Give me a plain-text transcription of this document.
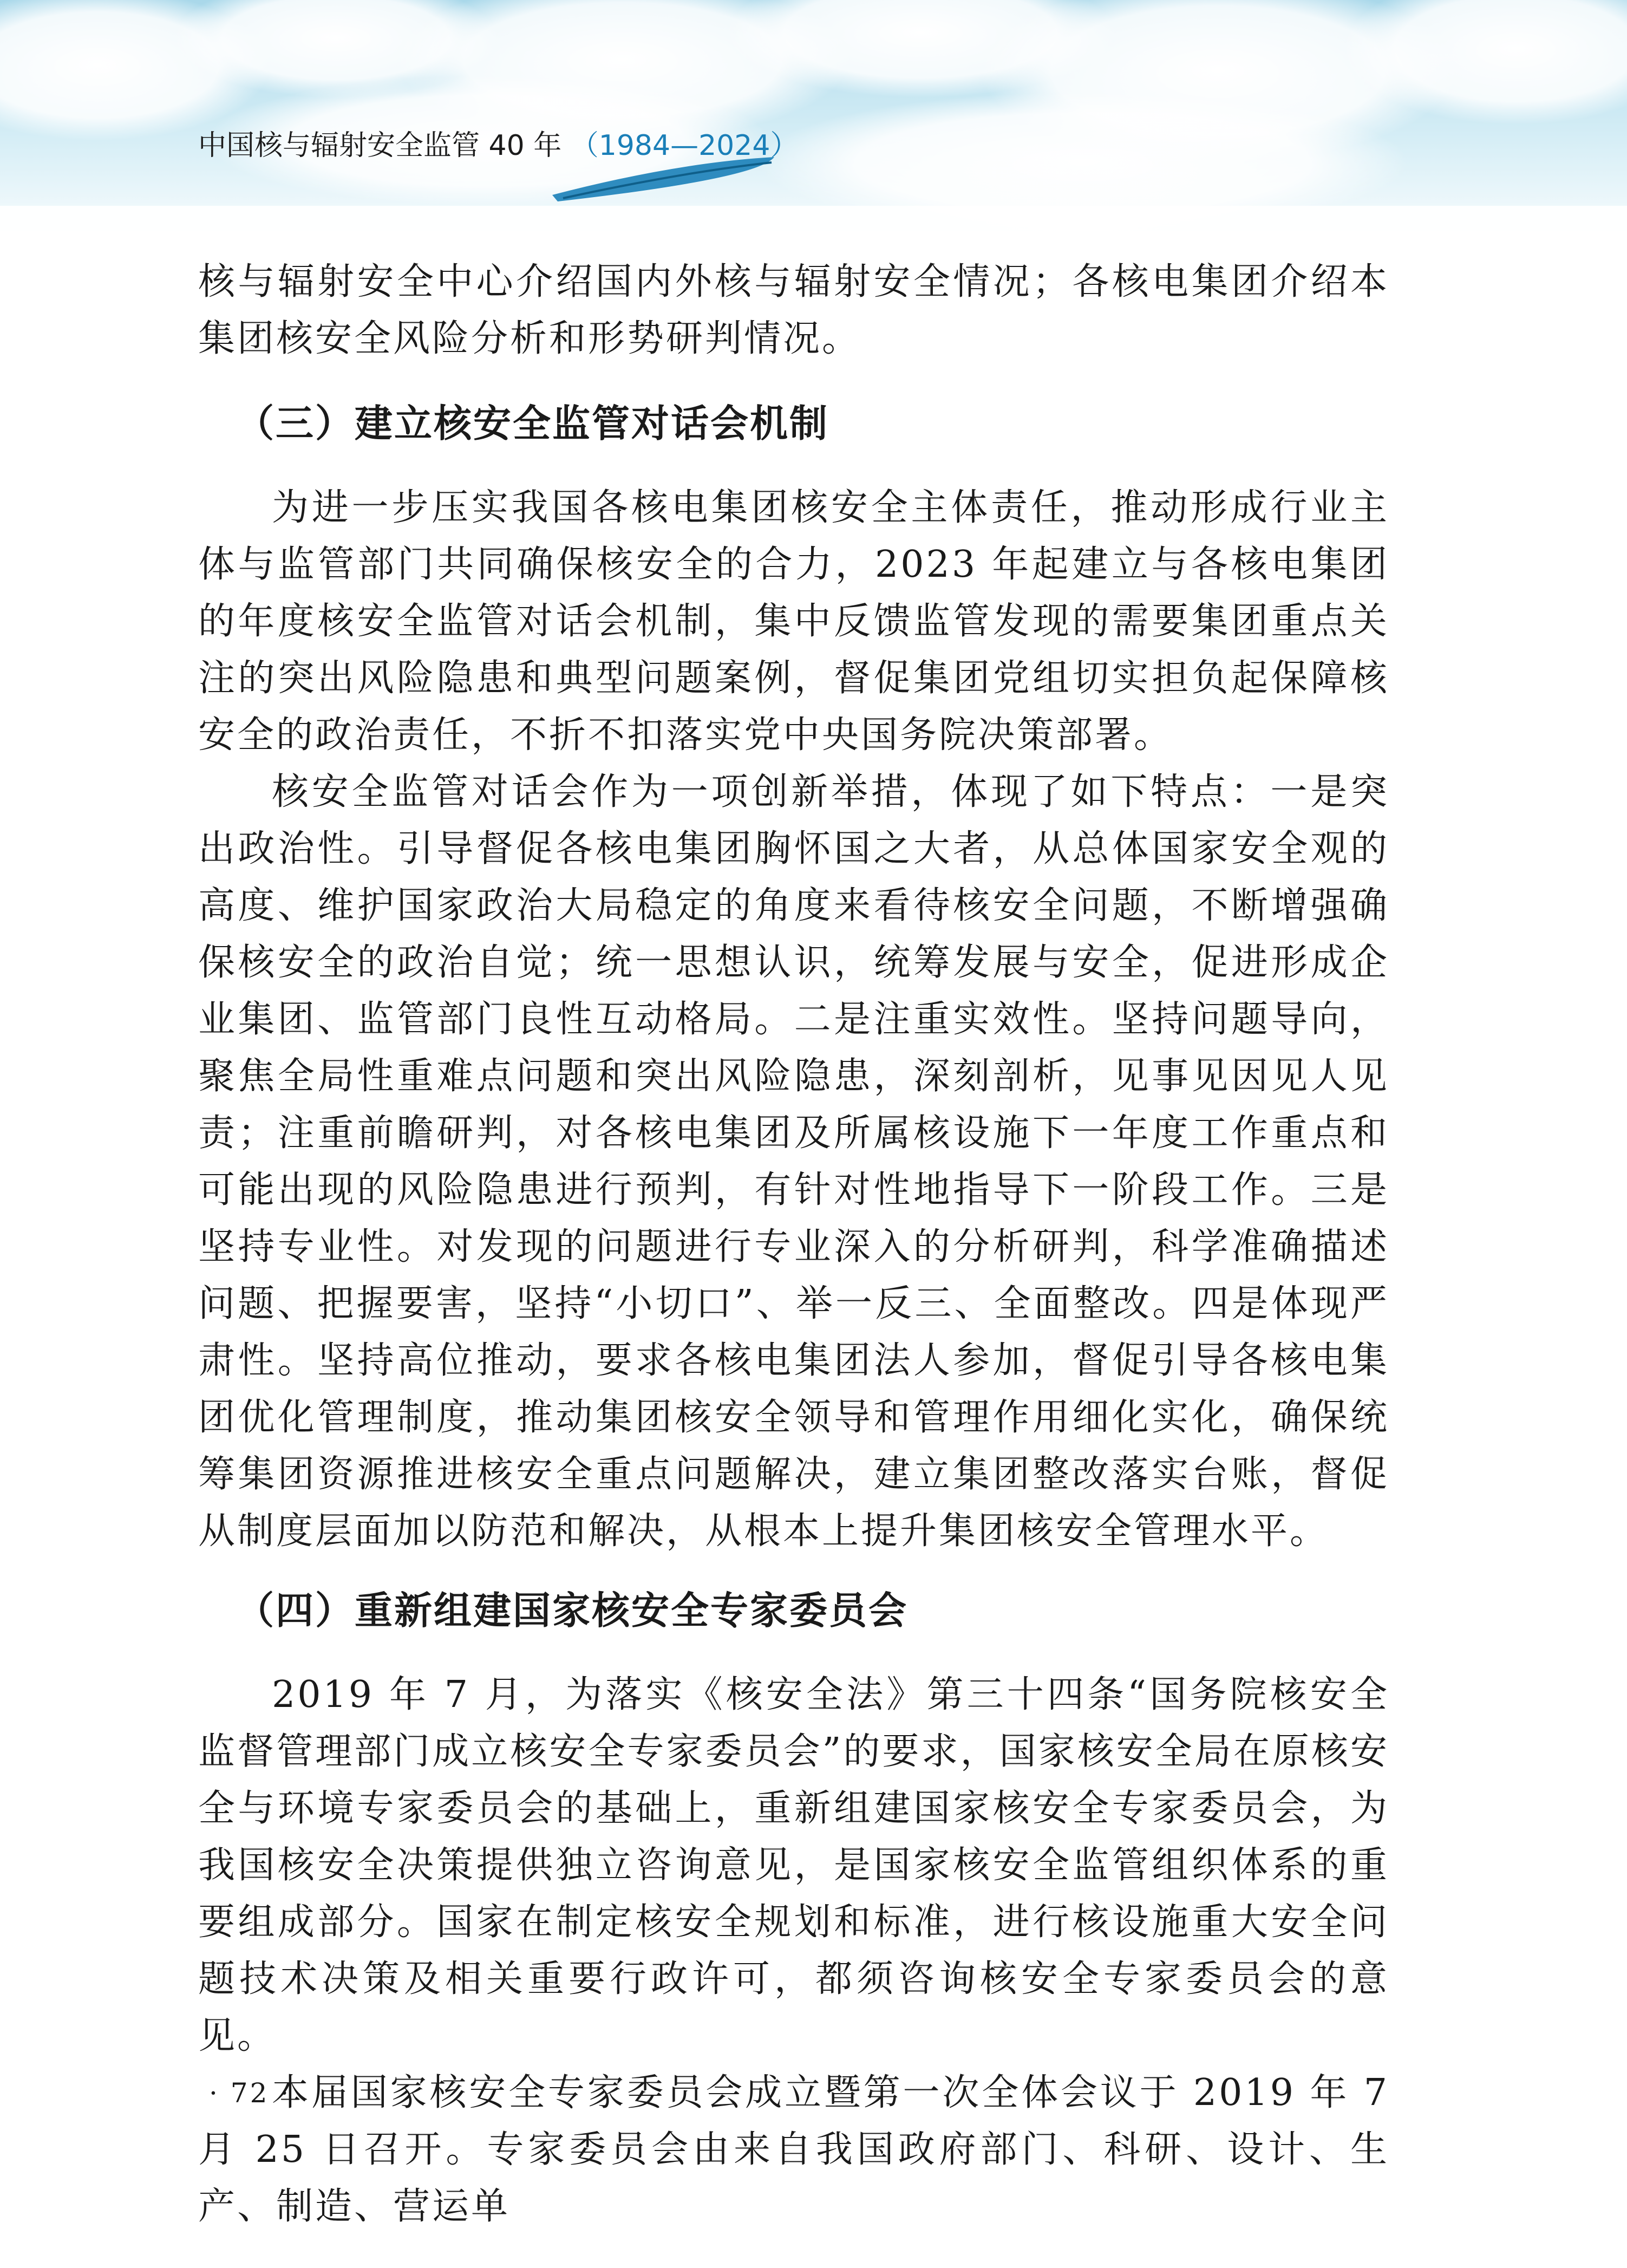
中国核与辐射安全监管 40 年 （1984—2024）

核与辐射安全中心介绍国内外核与辐射安全情况；各核电集团介绍本集团核安全风险分析和形势研判情况。

（三）建立核安全监管对话会机制

为进一步压实我国各核电集团核安全主体责任，推动形成行业主体与监管部门共同确保核安全的合力，2023 年起建立与各核电集团的年度核安全监管对话会机制，集中反馈监管发现的需要集团重点关注的突出风险隐患和典型问题案例，督促集团党组切实担负起保障核安全的政治责任，不折不扣落实党中央国务院决策部署。

核安全监管对话会作为一项创新举措，体现了如下特点：一是突出政治性。引导督促各核电集团胸怀国之大者，从总体国家安全观的高度、维护国家政治大局稳定的角度来看待核安全问题，不断增强确保核安全的政治自觉；统一思想认识，统筹发展与安全，促进形成企业集团、监管部门良性互动格局。二是注重实效性。坚持问题导向，聚焦全局性重难点问题和突出风险隐患，深刻剖析，见事见因见人见责；注重前瞻研判，对各核电集团及所属核设施下一年度工作重点和可能出现的风险隐患进行预判，有针对性地指导下一阶段工作。三是坚持专业性。对发现的问题进行专业深入的分析研判，科学准确描述问题、把握要害，坚持“小切口”、举一反三、全面整改。四是体现严肃性。坚持高位推动，要求各核电集团法人参加，督促引导各核电集团优化管理制度，推动集团核安全领导和管理作用细化实化，确保统筹集团资源推进核安全重点问题解决，建立集团整改落实台账，督促从制度层面加以防范和解决，从根本上提升集团核安全管理水平。

（四）重新组建国家核安全专家委员会

2019 年 7 月，为落实《核安全法》第三十四条“国务院核安全监督管理部门成立核安全专家委员会”的要求，国家核安全局在原核安全与环境专家委员会的基础上，重新组建国家核安全专家委员会，为我国核安全决策提供独立咨询意见，是国家核安全监管组织体系的重要组成部分。国家在制定核安全规划和标准，进行核设施重大安全问题技术决策及相关重要行政许可，都须咨询核安全专家委员会的意见。

本届国家核安全专家委员会成立暨第一次全体会议于 2019 年 7 月 25 日召开。专家委员会由来自我国政府部门、科研、设计、生产、制造、营运单

· 72 ·
